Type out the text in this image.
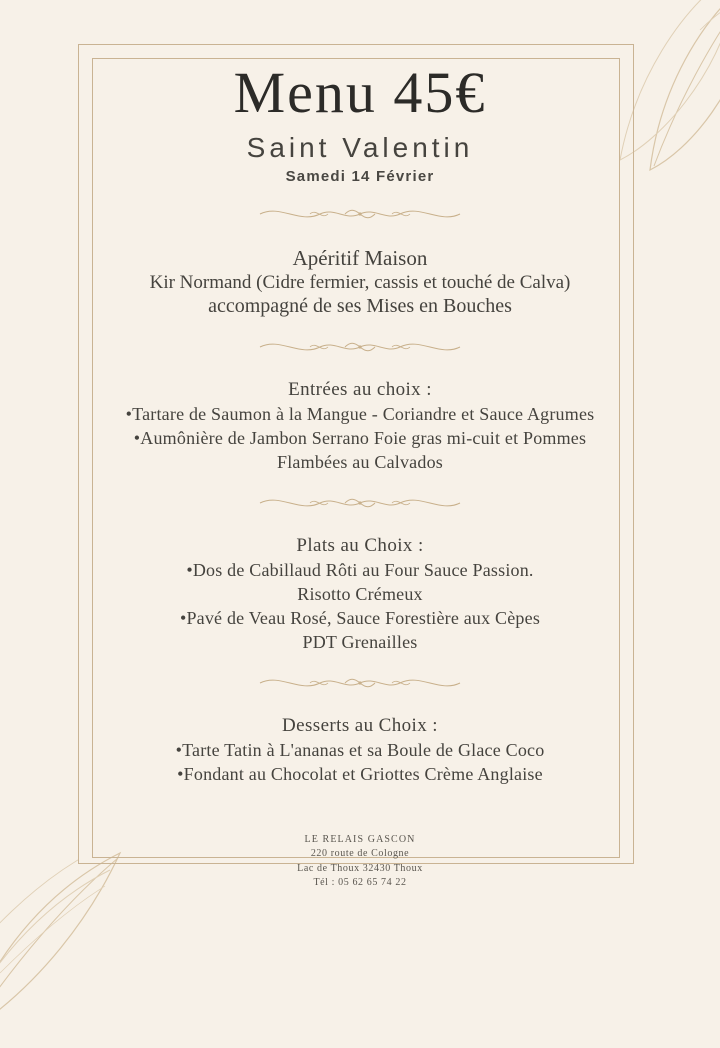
Menu 45€
Saint Valentin
Samedi 14 Février

Apéritif Maison

Kir Normand (Cidre fermier, cassis et touché de Calva)

accompagné de ses Mises en Bouches

Entrées au choix :

•Tartare de Saumon à la Mangue - Coriandre et Sauce Agrumes

•Aumônière de Jambon Serrano Foie gras mi-cuit et Pommes

Flambées au Calvados

Plats au Choix :

•Dos de Cabillaud Rôti au Four Sauce Passion.

Risotto Crémeux

•Pavé de Veau Rosé, Sauce Forestière aux Cèpes

PDT Grenailles

Desserts au Choix :

•Tarte Tatin à L'ananas et sa Boule de Glace Coco

•Fondant au Chocolat et Griottes Crème Anglaise

LE RELAIS GASCON
220 route de Cologne
Lac de Thoux 32430 Thoux
Tél : 05 62 65 74 22
